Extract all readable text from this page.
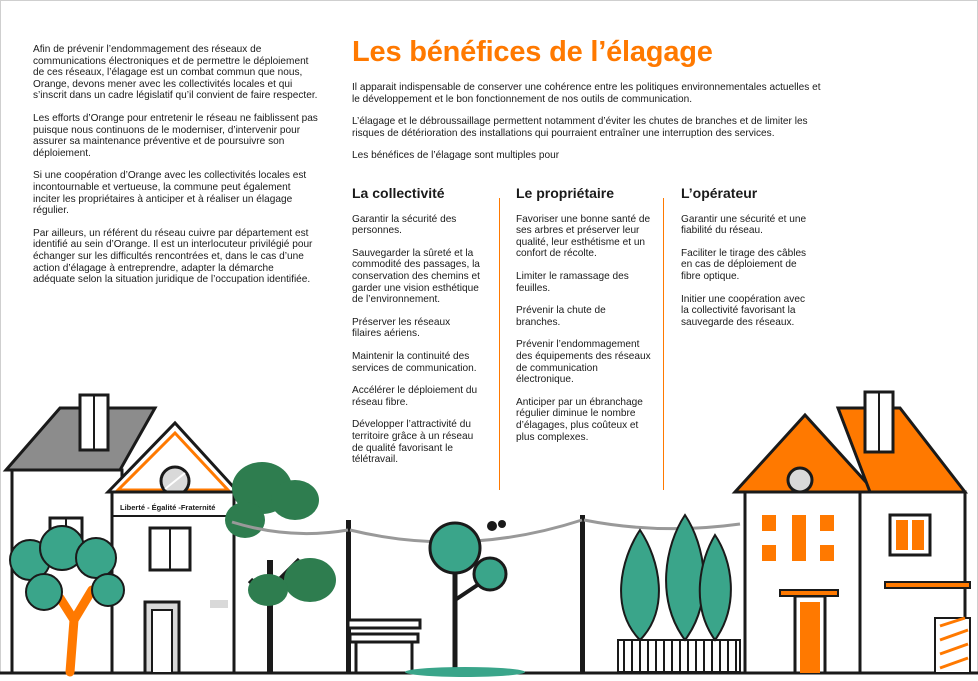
Afin de prévenir l’endommagement des réseaux de communications électroniques et de permettre le déploiement de ces réseaux, l’élagage est un combat commun que nous, Orange, devons mener avec les collectivités locales et qui s’inscrit dans un cadre législatif qu’il convient de faire respecter.

Les efforts d’Orange pour entretenir le réseau ne faiblissent pas puisque nous continuons de le moderniser, d’intervenir pour assurer sa maintenance préventive et de poursuivre son déploiement.

Si une coopération d’Orange avec les collectivités locales est incontournable et vertueuse, la commune peut également inciter les propriétaires à anticiper et à réaliser un élagage régulier.

Par ailleurs, un référent du réseau cuivre par département est identifié au sein d’Orange. Il est un interlocuteur privilégié pour échanger sur les difficultés rencontrées et, dans le cas d’une action d’élagage à entreprendre, adapter la démarche adéquate selon la situation juridique de l’occupation identifiée.

Les bénéfices de l’élagage

Il apparait indispensable de conserver une cohérence entre les politiques environnementales actuelles et le développement et le bon fonctionnement de nos outils de communication.

L’élagage et le débroussaillage permettent notamment d’éviter les chutes de branches et de limiter les risques de détérioration des installations qui pourraient entraîner une interruption des services.

Les bénéfices de l’élagage sont multiples pour

La collectivité

Garantir la sécurité des personnes.

Sauvegarder la sûreté et la commodité des passages, la conservation des chemins et garder une vision esthétique de l’environnement.

Préserver les réseaux filaires aériens.

Maintenir la continuité des services de communication.

Accélérer le déploiement du réseau fibre.

Développer l’attractivité du territoire grâce à un réseau de qualité favorisant le télétravail.

Le propriétaire

Favoriser une bonne santé de ses arbres et préserver leur qualité, leur esthétisme et un confort de récolte.

Limiter le ramassage des feuilles.

Prévenir la chute de branches.

Prévenir l’endommagement des équipements des réseaux de communication électronique.

Anticiper par un ébranchage régulier diminue le nombre d’élagages, plus coûteux et plus complexes.

L’opérateur

Garantir une sécurité et une fiabilité du réseau.

Faciliter le tirage des câbles en cas de déploiement de fibre optique.

Initier une coopération avec la collectivité favorisant la sauvegarde des réseaux.

Liberté - Égalité -Fraternité
